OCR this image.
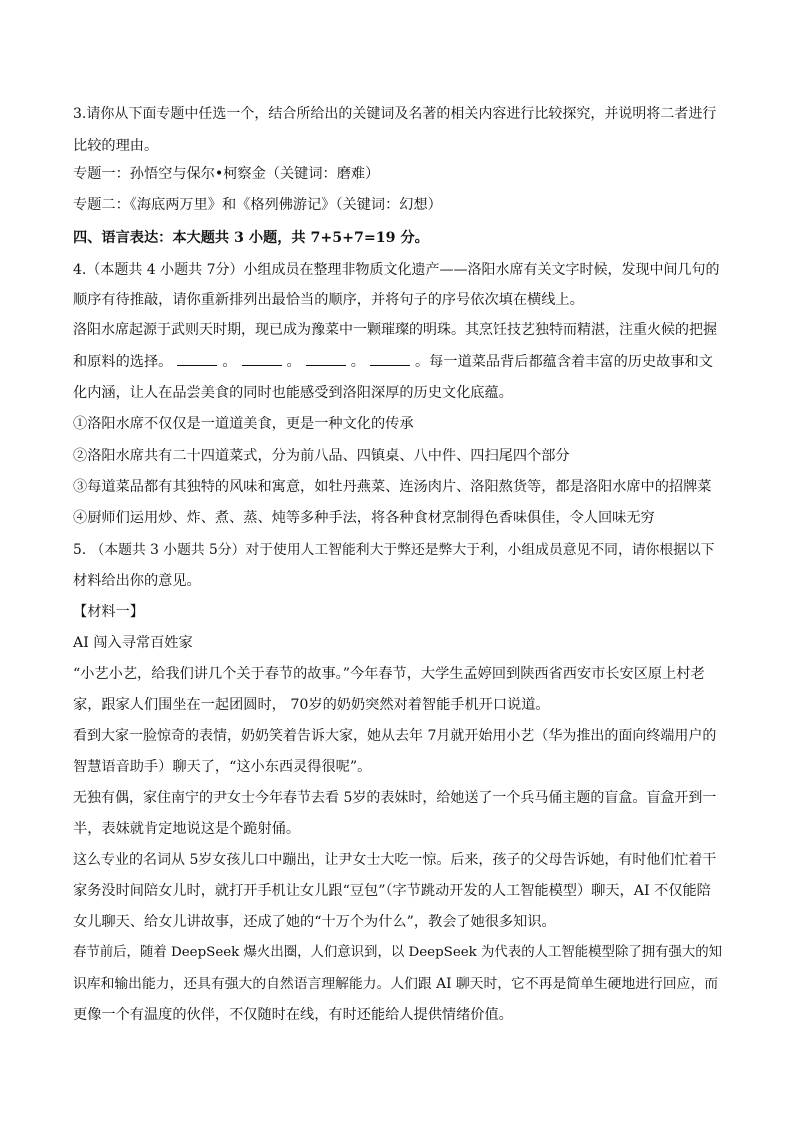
3.请你从下面专题中任选一个，结合所给出的关键词及名著的相关内容进行比较探究，并说明将二者进行
比较的理由。
专题一：孙悟空与保尔•柯察金（关键词：磨难）
专题二：《海底两万里》和《格列佛游记》（关键词：幻想）
四、语言表达：本大题共 3 小题，共 7+5+7=19 分。
4.（本题共 4 小题共 7分）小组成员在整理非物质文化遗产——洛阳水席有关文字时候，发现中间几句的
顺序有待推敲，请你重新排列出最恰当的顺序，并将句子的序号依次填在横线上。
洛阳水席起源于武则天时期，现已成为豫菜中一颗璀璨的明珠。其烹饪技艺独特而精湛，注重火候的把握
和原料的选择。	。	。	。	。每一道菜品背后都蕴含着丰富的历史故事和文
化内涵，让人在品尝美食的同时也能感受到洛阳深厚的历史文化底蕴。
①洛阳水席不仅仅是一道道美食，更是一种文化的传承
②洛阳水席共有二十四道菜式，分为前八品、四镇桌、八中件、四扫尾四个部分
③每道菜品都有其独特的风味和寓意，如牡丹燕菜、连汤肉片、洛阳熬货等，都是洛阳水席中的招牌菜
④厨师们运用炒、炸、煮、蒸、炖等多种手法，将各种食材烹制得色香味俱佳，令人回味无穷
5. （本题共 3 小题共 5分）对于使用人工智能利大于弊还是弊大于利，小组成员意见不同，请你根据以下
材料给出你的意见。
【材料一】
AI 闯入寻常百姓家
“小艺小艺，给我们讲几个关于春节的故事。”今年春节，大学生孟婷回到陕西省西安市长安区原上村老
家，跟家人们围坐在一起团圆时， 70岁的奶奶突然对着智能手机开口说道。
看到大家一脸惊奇的表情，奶奶笑着告诉大家，她从去年 7月就开始用小艺（华为推出的面向终端用户的
智慧语音助手）聊天了，“这小东西灵得很呢”。
无独有偶，家住南宁的尹女士今年春节去看 5岁的表妹时，给她送了一个兵马俑主题的盲盒。盲盒开到一
半，表妹就肯定地说这是个跪射俑。
这么专业的名词从 5岁女孩儿口中蹦出，让尹女士大吃一惊。后来，孩子的父母告诉她，有时他们忙着干
家务没时间陪女儿时，就打开手机让女儿跟“豆包”（字节跳动开发的人工智能模型）聊天，AI 不仅能陪
女儿聊天、给女儿讲故事，还成了她的“十万个为什么”，教会了她很多知识。
春节前后，随着 DeepSeek 爆火出圈，人们意识到，以 DeepSeek 为代表的人工智能模型除了拥有强大的知
识库和输出能力，还具有强大的自然语言理解能力。人们跟 AI 聊天时，它不再是简单生硬地进行回应，而
更像一个有温度的伙伴，不仅随时在线，有时还能给人提供情绪价值。
